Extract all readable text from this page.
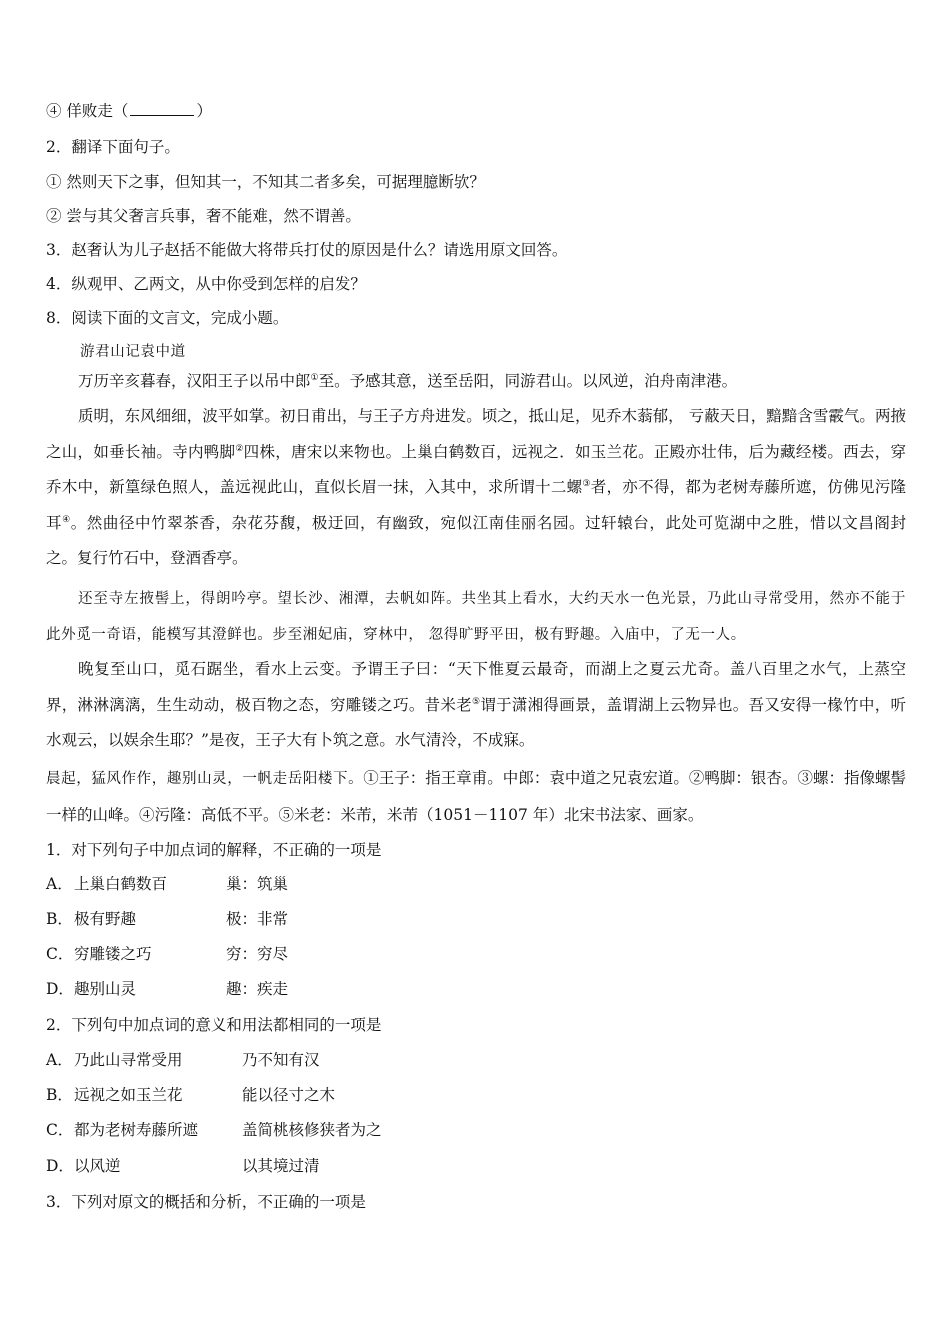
④ 佯败走（	）
2．翻译下面句子。
① 然则天下之事，但知其一，不知其二者多矣，可据理臆断欤？
② 尝与其父奢言兵事，奢不能难，然不谓善。
3．赵奢认为儿子赵括不能做大将带兵打仗的原因是什么？请选用原文回答。
4．纵观甲、乙两文，从中你受到怎样的启发？
8．阅读下面的文言文，完成小题。
游君山记袁中道
万历辛亥暮春，汉阳王子以吊中郎①至。予感其意，送至岳阳，同游君山。以风逆，泊舟南津港。
质明，东风细细，波平如掌。初日甫出，与王子方舟进发。顷之，抵山足，见乔木蓊郁， 亏蔽天日，黯黯含雪霰气。两掖之山，如垂长袖。寺内鸭脚②四株，唐宋以来物也。上巢白鹤数百，远视之．如玉兰花。正殿亦壮伟，后为藏经楼。西去，穿乔木中，新篁绿色照人，盖远视此山，直似长眉一抹，入其中，求所谓十二螺③者，亦不得，都为老树寿藤所遮，仿佛见污隆耳④。然曲径中竹翠茶香，杂花芬馥，极迂回，有幽致，宛似江南佳丽名园。过轩辕台，此处可览湖中之胜，惜以文昌阁封之。复行竹石中，登酒香亭。
还至寺左掖髻上，得朗吟亭。望长沙、湘潭，去帆如阵。共坐其上看水，大约天水一色光景，乃此山寻常受用，然亦不能于此外觅一奇语，能模写其澄鲜也。步至湘妃庙，穿林中， 忽得旷野平田，极有野趣。入庙中，了无一人。
晚复至山口，觅石踞坐，看水上云变。予谓王子曰：“天下惟夏云最奇，而湖上之夏云尤奇。盖八百里之水气，上蒸空界，淋淋漓漓，生生动动，极百物之态，穷雕镂之巧。昔米老⑤谓于潇湘得画景，盖谓湖上云物异也。吾又安得一椽竹中，听水观云，以娱余生耶？”是夜，王子大有卜筑之意。水气清泠，不成寐。
晨起，猛风作作，趣别山灵，一帆走岳阳楼下。①王子：指王章甫。中郎：袁中道之兄袁宏道。②鸭脚：银杏。③螺：指像螺髻一样的山峰。④污隆：高低不平。⑤米老：米芾，米芾（1051－1107 年）北宋书法家、画家。
1．对下列句子中加点词的解释，不正确的一项是
A．上巢白鹤数百	巢：筑巢
B．极有野趣	极：非常
C．穷雕镂之巧	穷：穷尽
D．趣别山灵	趣：疾走
2．下列句中加点词的意义和用法都相同的一项是
A．乃此山寻常受用	乃不知有汉
B．远视之如玉兰花	能以径寸之木
C．都为老树寿藤所遮	盖简桃核修狭者为之
D．以风逆	以其境过清
3．下列对原文的概括和分析，不正确的一项是
